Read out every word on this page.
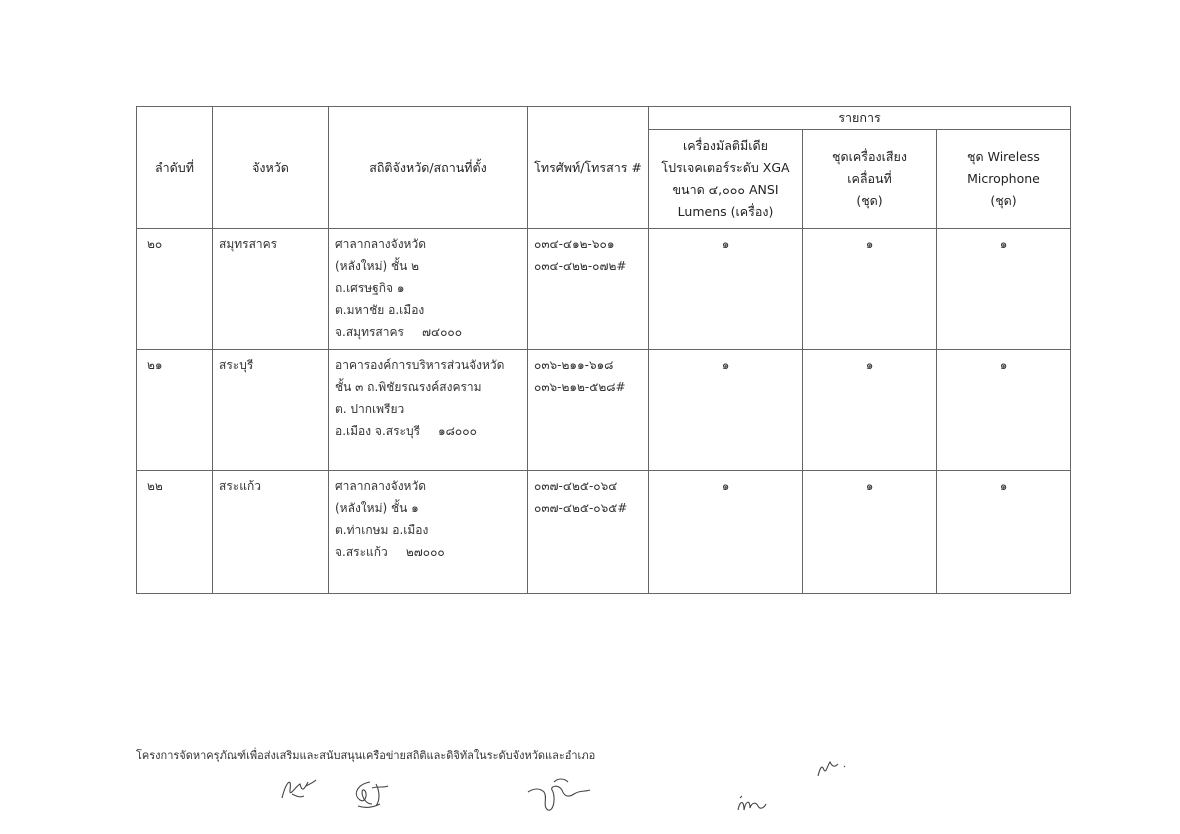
ลำดับที่	จังหวัด	สถิติจังหวัด/สถานที่ตั้ง	โทรศัพท์/โทรสาร #	รายการ		

				เครื่องมัลติมีเดีย
โปรเจคเตอร์ระดับ XGA
ขนาด ๔,๐๐๐ ANSI
Lumens (เครื่อง)	ชุดเครื่องเสียง
เคลื่อนที่
(ชุด)	ชุด Wireless
Microphone
(ชุด)

๒๐	สมุทรสาคร	ศาลากลางจังหวัด
(หลังใหม่) ชั้น ๒
ถ.เศรษฐกิจ ๑
ต.มหาชัย อ.เมือง
จ.สมุทรสาคร ๗๔๐๐๐	๐๓๔-๔๑๒-๖๐๑
๐๓๔-๔๒๒-๐๗๒#	๑	๑	๑

๒๑	สระบุรี	อาคารองค์การบริหารส่วนจังหวัด
ชั้น ๓ ถ.พิชัยรณรงค์สงคราม
ต. ปากเพรียว
อ.เมือง จ.สระบุรี ๑๘๐๐๐	๐๓๖-๒๑๑-๖๑๘
๐๓๖-๒๑๒-๕๒๘#	๑	๑	๑

๒๒	สระแก้ว	ศาลากลางจังหวัด
(หลังใหม่) ชั้น ๑
ต.ท่าเกษม อ.เมือง
จ.สระแก้ว ๒๗๐๐๐	๐๓๗-๔๒๕-๐๖๔
๐๓๗-๔๒๕-๐๖๕#	๑	๑	๑
โครงการจัดหาครุภัณฑ์เพื่อส่งเสริมและสนับสนุนเครือข่ายสถิติและดิจิทัลในระดับจังหวัดและอำเภอ
